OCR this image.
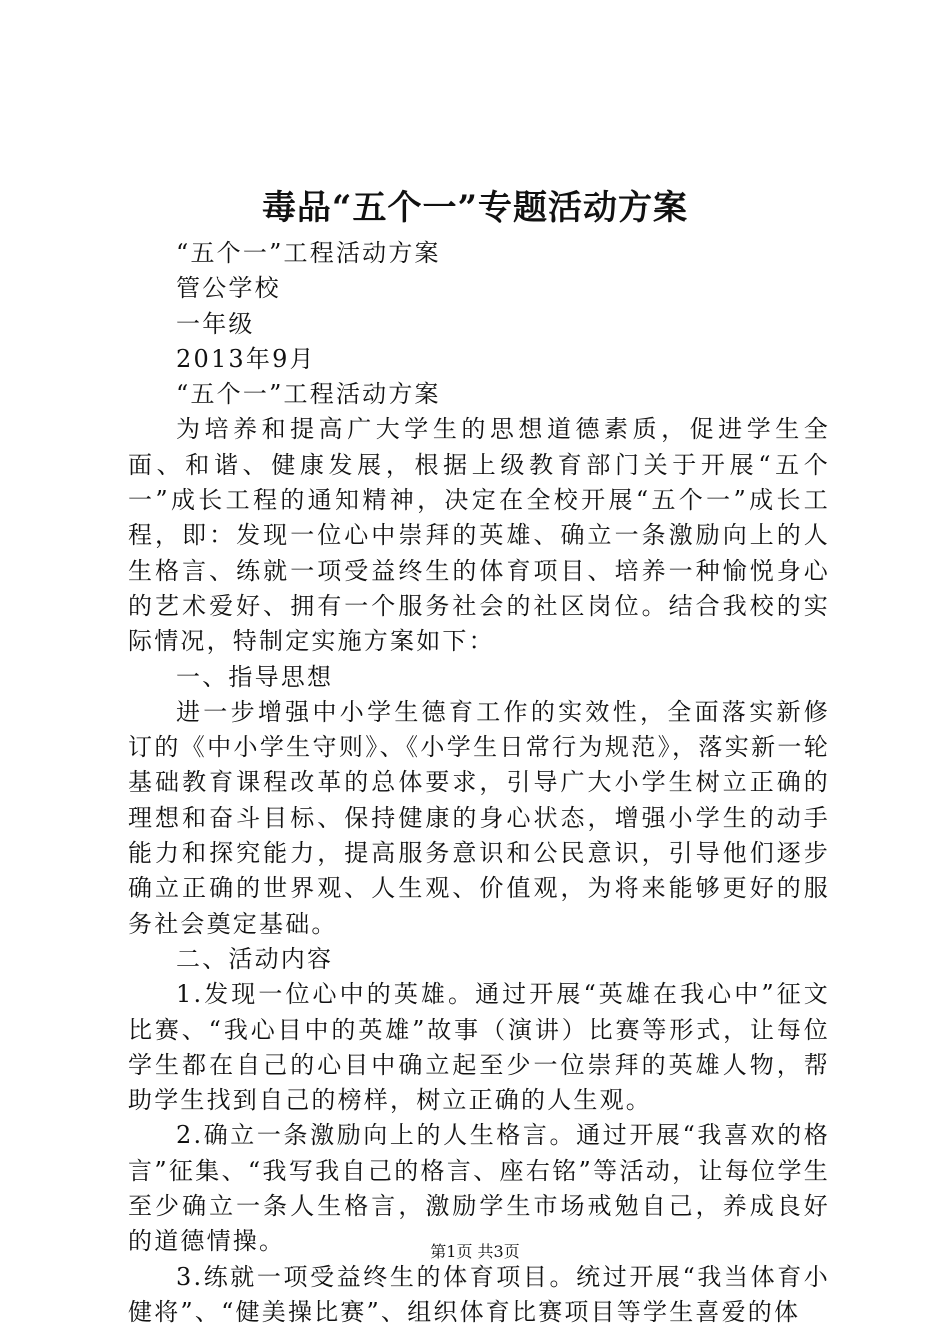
毒品“五个一”专题活动方案

“五个一”工程活动方案

管公学校

一年级

2013年9月

“五个一”工程活动方案

为培养和提高广大学生的思想道德素质，促进学生全面、和谐、健康发展，根据上级教育部门关于开展“五个一”成长工程的通知精神，决定在全校开展“五个一”成长工程，即：发现一位心中崇拜的英雄、确立一条激励向上的人生格言、练就一项受益终生的体育项目、培养一种愉悦身心的艺术爱好、拥有一个服务社会的社区岗位。结合我校的实际情况，特制定实施方案如下：

一、指导思想

进一步增强中小学生德育工作的实效性，全面落实新修订的《中小学生守则》、《小学生日常行为规范》，落实新一轮基础教育课程改革的总体要求，引导广大小学生树立正确的理想和奋斗目标、保持健康的身心状态，增强小学生的动手能力和探究能力，提高服务意识和公民意识，引导他们逐步确立正确的世界观、人生观、价值观，为将来能够更好的服务社会奠定基础。

二、活动内容

1.发现一位心中的英雄。通过开展“英雄在我心中”征文比赛、“我心目中的英雄”故事（演讲）比赛等形式，让每位学生都在自己的心目中确立起至少一位崇拜的英雄人物，帮助学生找到自己的榜样，树立正确的人生观。

2.确立一条激励向上的人生格言。通过开展“我喜欢的格言”征集、“我写我自己的格言、座右铭”等活动，让每位学生至少确立一条人生格言，激励学生市场戒勉自己，养成良好的道德情操。

3.练就一项受益终生的体育项目。统过开展“我当体育小健将”、“健美操比赛”、组织体育比赛项目等学生喜爱的体

第1页 共3页
